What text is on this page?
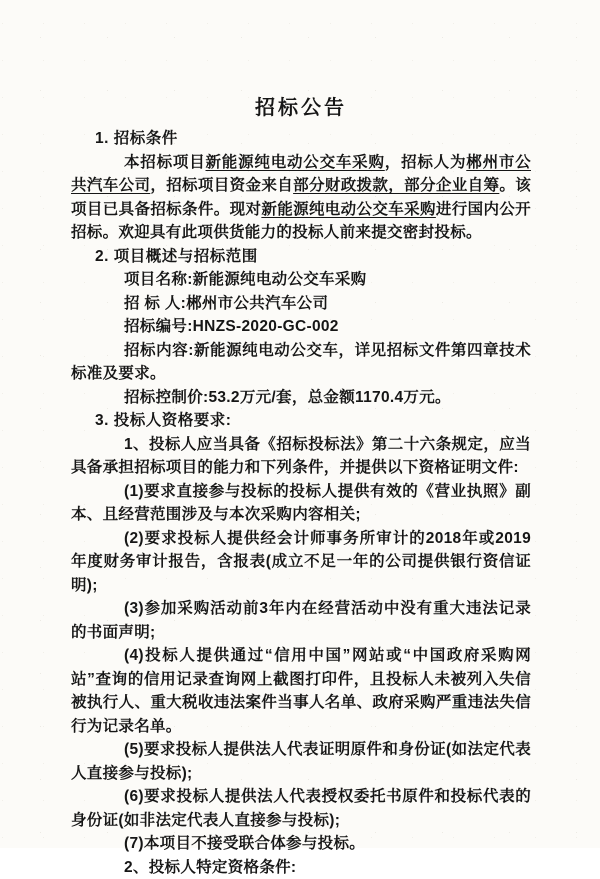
招标公告
1. 招标条件

本招标项目新能源纯电动公交车采购，招标人为郴州市公共汽车公司，招标项目资金来自部分财政拨款，部分企业自筹。该项目已具备招标条件。现对新能源纯电动公交车采购进行国内公开招标。欢迎具有此项供货能力的投标人前来提交密封投标。

2. 项目概述与招标范围

项目名称:新能源纯电动公交车采购

招 标 人:郴州市公共汽车公司

招标编号:HNZS-2020-GC-002

招标内容:新能源纯电动公交车，详见招标文件第四章技术标准及要求。

招标控制价:53.2万元/套，总金额1170.4万元。

3. 投标人资格要求:

1、投标人应当具备《招标投标法》第二十六条规定，应当具备承担招标项目的能力和下列条件，并提供以下资格证明文件:

(1)要求直接参与投标的投标人提供有效的《营业执照》副本、且经营范围涉及与本次采购内容相关;

(2)要求投标人提供经会计师事务所审计的2018年或2019年度财务审计报告，含报表(成立不足一年的公司提供银行资信证明);

(3)参加采购活动前3年内在经营活动中没有重大违法记录的书面声明;

(4)投标人提供通过“信用中国”网站或“中国政府采购网站”查询的信用记录查询网上截图打印件，且投标人未被列入失信被执行人、重大税收违法案件当事人名单、政府采购严重违法失信行为记录名单。

(5)要求投标人提供法人代表证明原件和身份证(如法定代表人直接参与投标);

(6)要求投标人提供法人代表授权委托书原件和投标代表的身份证(如非法定代表人直接参与投标);

(7)本项目不接受联合体参与投标。

2、投标人特定资格条件:
